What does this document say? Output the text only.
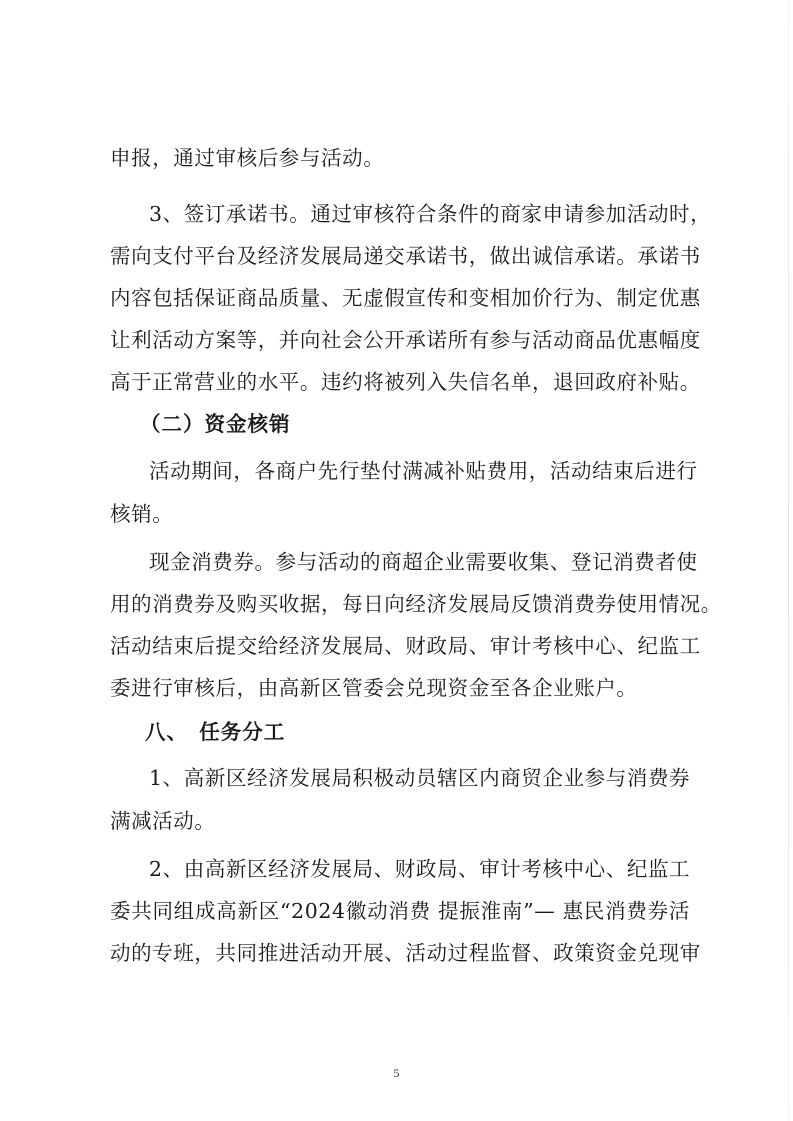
申报，通过审核后参与活动。
3、签订承诺书。通过审核符合条件的商家申请参加活动时，
需向支付平台及经济发展局递交承诺书，做出诚信承诺。承诺书
内容包括保证商品质量、无虚假宣传和变相加价行为、制定优惠
让利活动方案等，并向社会公开承诺所有参与活动商品优惠幅度
高于正常营业的水平。违约将被列入失信名单，退回政府补贴。
（二）资金核销
活动期间，各商户先行垫付满减补贴费用，活动结束后进行
核销。
现金消费券。参与活动的商超企业需要收集、登记消费者使
用的消费券及购买收据，每日向经济发展局反馈消费券使用情况。
活动结束后提交给经济发展局、财政局、审计考核中心、纪监工
委进行审核后，由高新区管委会兑现资金至各企业账户。
八、　任务分工
1、高新区经济发展局积极动员辖区内商贸企业参与消费券
满减活动。
2、由高新区经济发展局、财政局、审计考核中心、纪监工
委共同组成高新区“2024徽动消费 提振淮南”— 惠民消费券活
动的专班，共同推进活动开展、活动过程监督、政策资金兑现审
5
